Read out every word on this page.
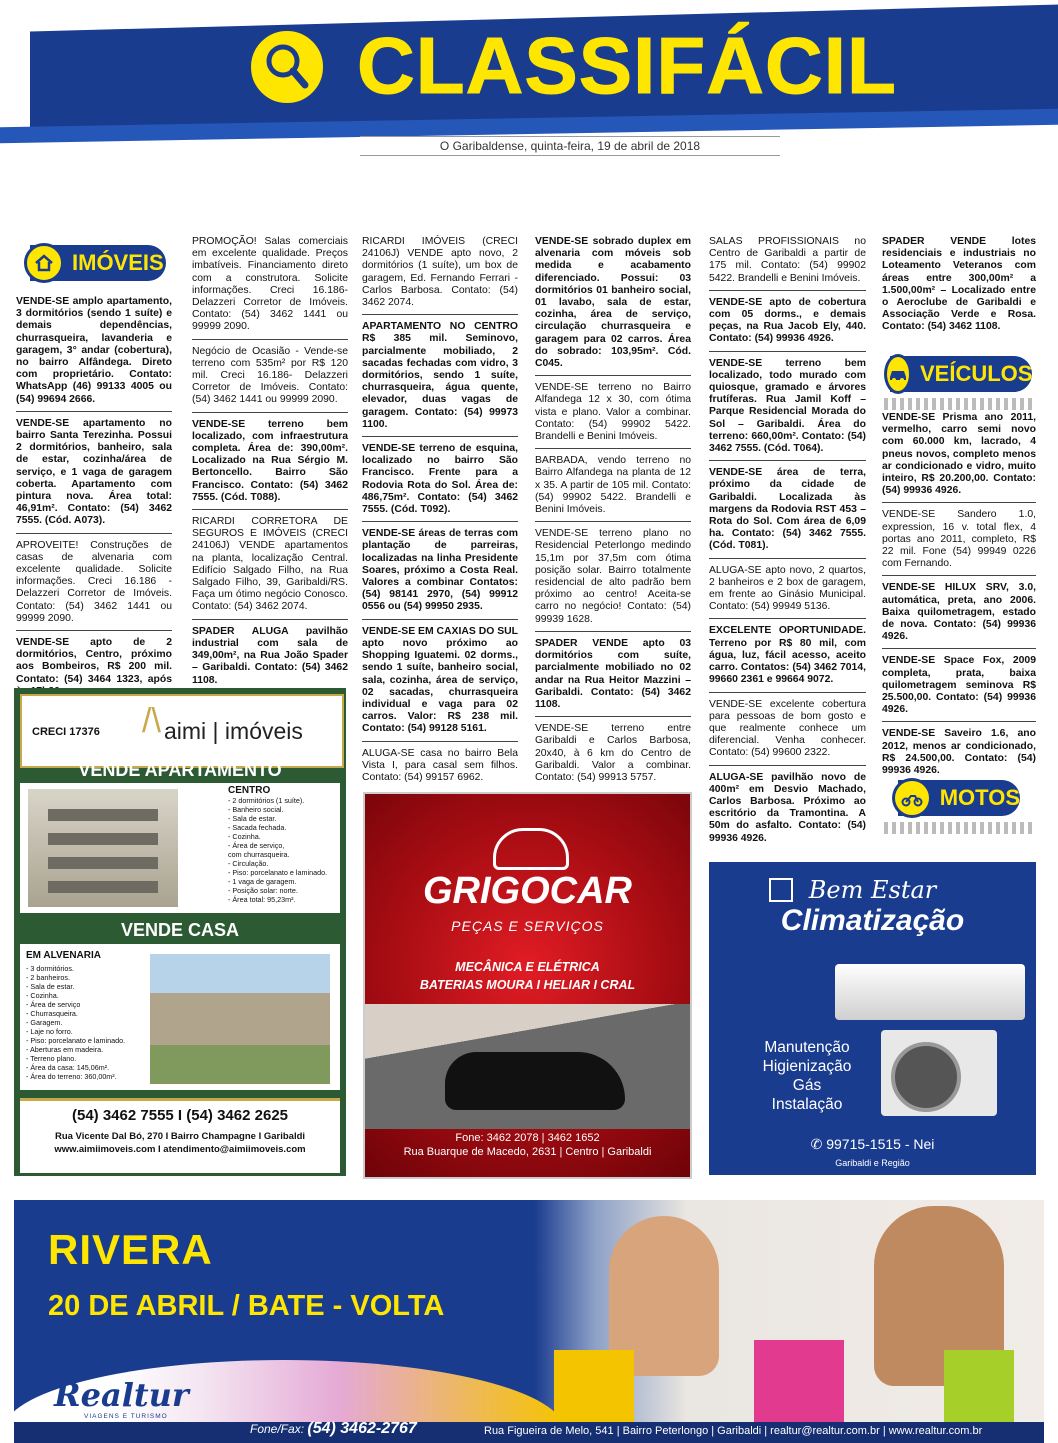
CLASSIFÁCIL
O Garibaldense, quinta-feira, 19 de abril de 2018
IMÓVEIS
VENDE-SE amplo apartamento, 3 dormitórios (sendo 1 suíte) e demais dependências, churrasqueira, lavanderia e garagem, 3° andar (cobertura), no bairro Alfândega. Direto com proprietário. Contato: WhatsApp (46) 99133 4005 ou (54) 99694 2666.
VENDE-SE apartamento no bairro Santa Terezinha. Possui 2 dormitórios, banheiro, sala de estar, cozinha/área de serviço, e 1 vaga de garagem coberta. Apartamento com pintura nova. Área total: 46,91m². Contato: (54) 3462 7555. (Cód. A073).
APROVEITE! Construções de casas de alvenaria com excelente qualidade. Solicite informações. Creci 16.186 - Delazzeri Corretor de Imóveis. Contato: (54) 3462 1441 ou 99999 2090.
VENDE-SE apto de 2 dormitórios, Centro, próximo aos Bombeiros, R$ 200 mil. Contato: (54) 3464 1323, após
PROMOÇÃO! Salas comerciais em excelente qualidade. Preços imbatíveis. Financiamento direto com a construtora. Solicite informações. Creci 16.186- Delazzeri Corretor de Imóveis. Contato: (54) 3462 1441 ou 99999 2090.
Negócio de Ocasião - Vende-se terreno com 535m² por R$ 120 mil. Creci 16.186- Delazzeri Corretor de Imóveis. Contato: (54) 3462 1441 ou 99999 2090.
VENDE-SE terreno bem localizado, com infraestrutura completa. Área de: 390,00m². Localizado na Rua Sérgio M. Bertoncello. Bairro São Francisco. Contato: (54) 3462 7555. (Cód. T088).
RICARDI CORRETORA DE SEGUROS E IMÓVEIS (CRECI 24106J) VENDE apartamentos na planta, localização Central. Edifício Salgado Filho, na Rua Salgado Filho, 39, Garibaldi/RS. Faça um ótimo negócio Conosco. Contato: (54) 3462 2074.
SPADER ALUGA pavilhão industrial com sala de 349,00m², na Rua João Spader – Garibaldi. Contato: (54) 3462 1108.
RICARDI IMÓVEIS (CRECI 24106J) VENDE apto novo, 2 dormitórios (1 suíte), um box de garagem, Ed. Fernando Ferrari - Carlos Barbosa. Contato: (54) 3462 2074.
APARTAMENTO NO CENTRO R$ 385 mil. Seminovo, parcialmente mobiliado, 2 sacadas fechadas com vidro, 3 dormitórios, sendo 1 suíte, churrasqueira, água quente, elevador, duas vagas de garagem. Contato: (54) 99973 1100.
VENDE-SE terreno de esquina, localizado no bairro São Francisco. Frente para a Rodovia Rota do Sol. Área de: 486,75m². Contato: (54) 3462 7555. (Cód. T092).
VENDE-SE áreas de terras com plantação de parreiras, localizadas na linha Presidente Soares, próximo a Costa Real. Valores a combinar Contatos: (54) 98141 2970, (54) 99912 0556 ou (54) 99950 2935.
VENDE-SE EM CAXIAS DO SUL apto novo próximo ao Shopping Iguatemi. 02 dorms., sendo 1 suíte, banheiro social, sala, cozinha, área de serviço, 02 sacadas, churrasqueira individual e vaga para 02 carros. Valor: R$ 238 mil. Contato: (54) 99128 5161.
ALUGA-SE casa no bairro Bela Vista I, para casal sem filhos. Contato: (54) 99157 6962.
VENDE-SE sobrado duplex em alvenaria com móveis sob medida e acabamento diferenciado. Possui: 03 dormitórios 01 banheiro social, 01 lavabo, sala de estar, cozinha, área de serviço, circulação churrasqueira e garagem para 02 carros. Área do sobrado: 103,95m². Cód. C045.
VENDE-SE terreno no Bairro Alfandega 12 x 30, com ótima vista e plano. Valor a combinar. Contato: (54) 99902 5422. Brandelli e Benini Imóveis.
BARBADA, vendo terreno no Bairro Alfandega na planta de 12 x 35. A partir de 105 mil. Contato: (54) 99902 5422. Brandelli e Benini Imóveis.
VENDE-SE terreno plano no Residencial Peterlongo medindo 15,1m por 37,5m com ótima posição solar. Bairro totalmente residencial de alto padrão bem próximo ao centro! Aceita-se carro no negócio! Contato: (54) 99939 1628.
SPADER VENDE apto 03 dormitórios com suíte, parcialmente mobiliado no 02 andar na Rua Heitor Mazzini – Garibaldi. Contato: (54) 3462 1108.
VENDE-SE terreno entre Garibaldi e Carlos Barbosa, 20x40, à 6 km do Centro de Garibaldi. Valor a combinar. Contato: (54) 99913 5757.
SALAS PROFISSIONAIS no Centro de Garibaldi a partir de 175 mil. Contato: (54) 99902 5422. Brandelli e Benini Imóveis.
VENDE-SE apto de cobertura com 05 dorms., e demais peças, na Rua Jacob Ely, 440. Contato: (54) 99936 4926.
VENDE-SE terreno bem localizado, todo murado com quiosque, gramado e árvores frutíferas. Rua Jamil Koff – Parque Residencial Morada do Sol – Garibaldi. Área do terreno: 660,00m². Contato: (54) 3462 7555. (Cód. T064).
VENDE-SE área de terra, próximo da cidade de Garibaldi. Localizada às margens da Rodovia RST 453 – Rota do Sol. Com área de 6,09 ha. Contato: (54) 3462 7555. (Cód. T081).
ALUGA-SE apto novo, 2 quartos, 2 banheiros e 2 box de garagem, em frente ao Ginásio Municipal. Contato: (54) 99949 5136.
EXCELENTE OPORTUNIDADE. Terreno por R$ 80 mil, com água, luz, fácil acesso, aceito carro. Contatos: (54) 3462 7014, 99660 2361 e 99664 9072.
VENDE-SE excelente cobertura para pessoas de bom gosto e que realmente conhece um diferencial. Venha conhecer. Contato: (54) 99600 2322.
ALUGA-SE pavilhão novo de 400m² em Desvio Machado, Carlos Barbosa. Próximo ao escritório da Tramontina. A 50m do asfalto. Contato: (54) 99936 4926.
SPADER VENDE lotes residenciais e industriais no Loteamento Veteranos com áreas entre 300,00m² a 1.500,00m² – Localizado entre o Aeroclube de Garibaldi e Associação Verde e Rosa. Contato: (54) 3462 1108.
VEÍCULOS
VENDE-SE Prisma ano 2011, vermelho, carro semi novo com 60.000 km, lacrado, 4 pneus novos, completo menos ar condicionado e vidro, muito inteiro, R$ 20.200,00. Contato: (54) 99936 4926.
VENDE-SE Sandero 1.0, expression, 16 v. total flex, 4 portas ano 2011, completo, R$ 22 mil. Fone (54) 99949 0226 com Fernando.
VENDE-SE HILUX SRV, 3.0, automática, preta, ano 2006. Baixa quilometragem, estado de nova. Contato: (54) 99936 4926.
VENDE-SE Space Fox, 2009 completa, prata, baixa quilometragem seminova R$ 25.500,00. Contato: (54) 99936 4926.
VENDE-SE Saveiro 1.6, ano 2012, menos ar condicionado, R$ 24.500,00. Contato: (54) 99936 4926.
MOTOS
CRECI 17376 /\ aimi | imóveis
VENDE APARTAMENTO
CENTRO
- 2 dormitórios (1 suíte).
- Banheiro social.
- Sala de estar.
- Sacada fechada.
- Cozinha.
- Área de serviço,
com churrasqueira.
- Circulação.
- Piso: porcelanato e laminado.
- 1 vaga de garagem.
- Posição solar: norte.
- Área total: 95,23m².
VENDE CASA
EM ALVENARIA
- 3 dormitórios.
- 2 banheiros.
- Sala de estar.
- Cozinha.
- Área de serviço
- Churrasqueira.
- Garagem.
- Laje no forro.
- Piso: porcelanato e laminado.
- Aberturas em madeira.
- Terreno plano.
- Área da casa: 145,06m².
- Área do terreno: 360,00m².
(54) 3462 7555 I (54) 3462 2625
Rua Vicente Dal Bó, 270 I Bairro Champagne I Garibaldi
www.aimiimoveis.com I atendimento@aimiimoveis.com
GRIGOCAR
PEÇAS E SERVIÇOS
MECÂNICA E ELÉTRICA
BATERIAS MOURA I HELIAR I CRAL
Fone: 3462 2078 | 3462 1652
Rua Buarque de Macedo, 2631 | Centro | Garibaldi
Bem Estar
Climatização
Manutenção
Higienização
Gás
Instalação
✆ 99715-1515 - Nei
Garibaldi e Região
RIVERA
20 DE ABRIL / BATE - VOLTA
Realtur
VIAGENS E TURISMO
Fone/Fax: (54) 3462-2767	Rua Figueira de Melo, 541 | Bairro Peterlongo | Garibaldi | realtur@realtur.com.br | www.realtur.com.br
